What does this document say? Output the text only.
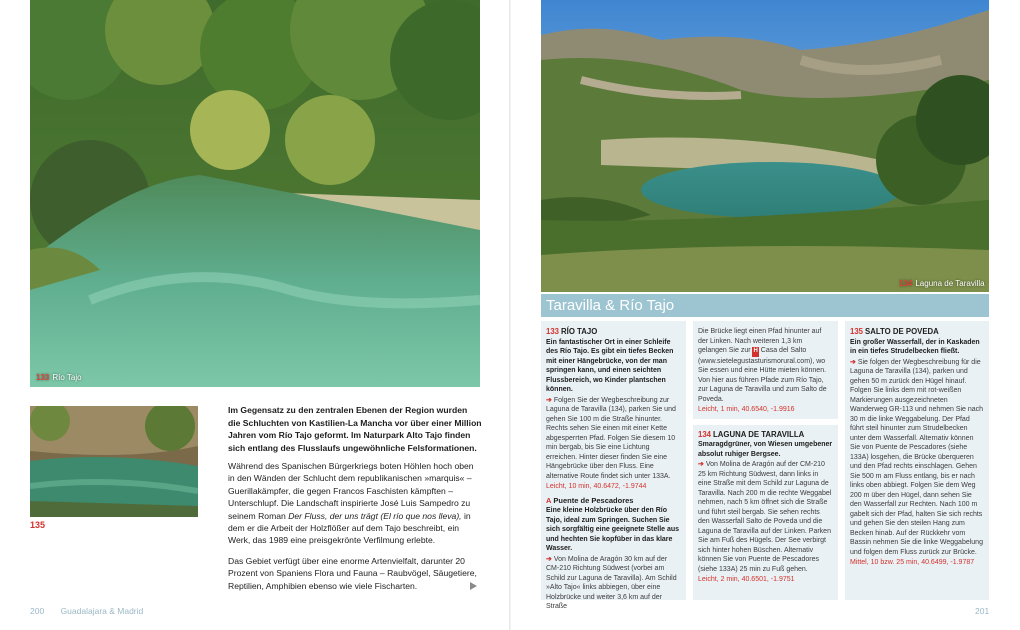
133 Río Tajo
135
Im Gegensatz zu den zentralen Ebenen der Region wurden die Schluchten von Kastilien-La Mancha vor über einer Million Jahren vom Río Tajo geformt. Im Naturpark Alto Tajo finden sich entlang des Flusslaufs ungewöhnliche Felsformationen.
Während des Spanischen Bürgerkriegs boten Höhlen hoch oben in den Wänden der Schlucht dem republikanischen »marquis« – Guerillakämpfer, die gegen Francos Faschisten kämpften – Unterschlupf. Die Landschaft inspirierte José Luis Sampedro zu seinem Roman Der Fluss, der uns trägt (El río que nos lleva), in dem er die Arbeit der Holzflößer auf dem Tajo beschreibt, ein Werk, das 1989 eine preisgekrönte Verfilmung erlebte.
Das Gebiet verfügt über eine enorme Artenvielfalt, darunter 20 Prozent von Spaniens Flora und Fauna – Raubvögel, Säugetiere, Reptilien, Amphibien ebenso wie viele Fischarten.
200 Guadalajara & Madrid
134 Laguna de Taravilla
Taravilla & Río Tajo
133 RÍO TAJO

Ein fantastischer Ort in einer Schleife des Río Tajo. Es gibt ein tiefes Becken mit einer Hängebrücke, von der man springen kann, und einen seichten Flussbereich, wo Kinder plantschen können.

➔ Folgen Sie der Wegbeschreibung zur Laguna de Taravilla (134), parken Sie und gehen Sie 100 m die Straße hinunter. Rechts sehen Sie einen mit einer Kette abgesperrten Pfad. Folgen Sie diesem 10 min bergab, bis Sie eine Lichtung erreichen. Hinter dieser finden Sie eine Hängebrücke über den Fluss. Eine alternative Route findet sich unter 133A.

Leicht, 10 min, 40.6472, -1.9744

A Puente de Pescadores

Eine kleine Holzbrücke über den Río Tajo, ideal zum Springen. Suchen Sie sich sorgfältig eine geeignete Stelle aus und hechten Sie kopfüber in das klare Wasser.

➔ Von Molina de Aragón 30 km auf der CM-210 Richtung Südwest (vorbei am Schild zur Laguna de Taravilla). Am Schild »Alto Tajo« links abbiegen, über eine Holzbrücke und weiter 3,6 km auf der Straße

Die Brücke liegt einen Pfad hinunter auf der Linken. Nach weiteren 1,3 km gelangen Sie zur H Casa del Salto (www.sietelegustasturismorural.com), wo Sie essen und eine Hütte mieten können. Von hier aus führen Pfade zum Río Tajo, zur Laguna de Taravilla und zum Salto de Poveda.

Leicht, 1 min, 40.6540, -1.9916

134 LAGUNA DE TARAVILLA

Smaragdgrüner, von Wiesen umgebener absolut ruhiger Bergsee.

➔ Von Molina de Aragón auf der CM-210 25 km Richtung Südwest, dann links in eine Straße mit dem Schild zur Laguna de Taravilla. Nach 200 m die rechte Weggabel nehmen, nach 5 km öffnet sich die Straße und führt steil bergab. Sie sehen rechts den Wasserfall Salto de Poveda und die Laguna de Taravilla auf der Linken. Parken Sie am Fuß des Hügels. Der See verbirgt sich hinter hohen Büschen. Alternativ können Sie von Puente de Pescadores (siehe 133A) 25 min zu Fuß gehen.

Leicht, 2 min, 40.6501, -1.9751

135 SALTO DE POVEDA

Ein großer Wasserfall, der in Kaskaden in ein tiefes Strudelbecken fließt.

➔ Sie folgen der Wegbeschreibung für die Laguna de Taravilla (134), parken und gehen 50 m zurück den Hügel hinauf. Folgen Sie links dem mit rot-weißen Markierungen ausgezeichneten Wanderweg GR-113 und nehmen Sie nach 30 m die linke Weggabelung. Der Pfad führt steil hinunter zum Strudelbecken unter dem Wasserfall. Alternativ können Sie von Puente de Pescadores (siehe 133A) losgehen, die Brücke überqueren und den Pfad rechts einschlagen. Gehen Sie 500 m am Fluss entlang, bis er nach links oben abbiegt. Folgen Sie dem Weg 200 m über den Hügel, dann sehen Sie den Wasserfall zur Rechten. Nach 100 m gabelt sich der Pfad, halten Sie sich rechts und gehen Sie den steilen Hang zum Becken hinab. Auf der Rückkehr vom Bassin nehmen Sie die linke Weggabelung und folgen dem Fluss zurück zur Brücke.

Mittel, 10 bzw. 25 min, 40.6499, -1.9787

201
